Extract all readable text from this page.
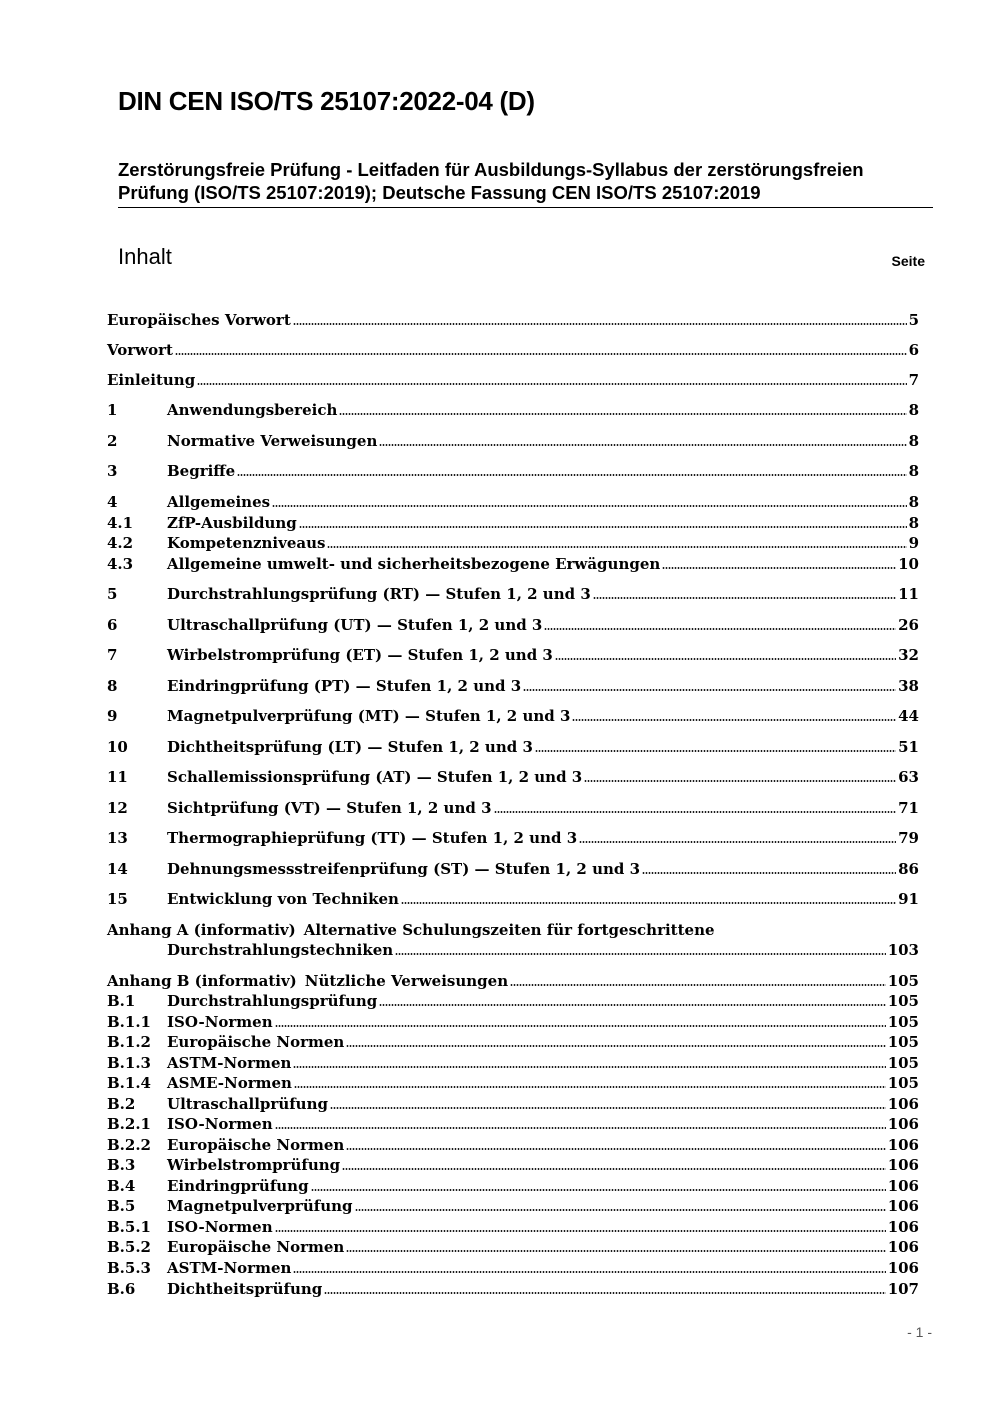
DIN CEN ISO/TS 25107:2022-04 (D)
Zerstörungsfreie Prüfung - Leitfaden für Ausbildungs-Syllabus der zerstörungsfreien
Prüfung (ISO/TS 25107:2019); Deutsche Fassung CEN ISO/TS 25107:2019
Inhalt	Seite
Europäisches Vorwort	5
Vorwort	6
Einleitung	7
1	Anwendungsbereich	8
2	Normative Verweisungen	8
3	Begriffe	8
4	Allgemeines	8
4.1	ZfP-Ausbildung	8
4.2	Kompetenzniveaus	9
4.3	Allgemeine umwelt- und sicherheitsbezogene Erwägungen	10
5	Durchstrahlungsprüfung (RT) — Stufen 1, 2 und 3	11
6	Ultraschallprüfung (UT) — Stufen 1, 2 und 3	26
7	Wirbelstromprüfung (ET) — Stufen 1, 2 und 3	32
8	Eindringprüfung (PT) — Stufen 1, 2 und 3	38
9	Magnetpulverprüfung (MT) — Stufen 1, 2 und 3	44
10	Dichtheitsprüfung (LT) — Stufen 1, 2 und 3	51
11	Schallemissionsprüfung (AT) — Stufen 1, 2 und 3	63
12	Sichtprüfung (VT) — Stufen 1, 2 und 3	71
13	Thermographieprüfung (TT) — Stufen 1, 2 und 3	79
14	Dehnungsmessstreifenprüfung (ST) — Stufen 1, 2 und 3	86
15	Entwicklung von Techniken	91
Anhang A (informativ) Alternative Schulungszeiten für fortgeschrittene
Durchstrahlungstechniken	103
Anhang B (informativ) Nützliche Verweisungen	105
B.1	Durchstrahlungsprüfung	105
B.1.1	ISO-Normen	105
B.1.2	Europäische Normen	105
B.1.3	ASTM-Normen	105
B.1.4	ASME-Normen	105
B.2	Ultraschallprüfung	106
B.2.1	ISO-Normen	106
B.2.2	Europäische Normen	106
B.3	Wirbelstromprüfung	106
B.4	Eindringprüfung	106
B.5	Magnetpulverprüfung	106
B.5.1	ISO-Normen	106
B.5.2	Europäische Normen	106
B.5.3	ASTM-Normen	106
B.6	Dichtheitsprüfung	107
- 1 -
